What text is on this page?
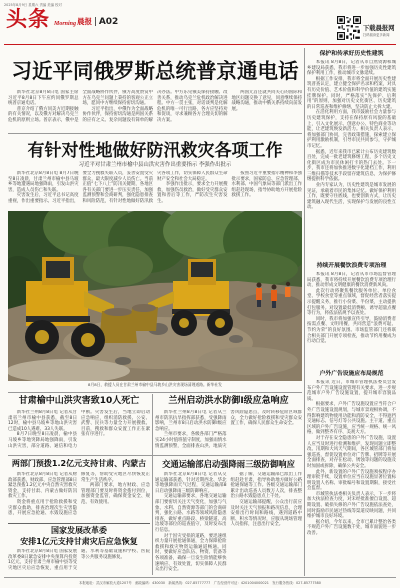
2025年8月9日 星期六 责编 美编 校对
头条 Morning 晨报 A02
下载晨报网
扫码阅读更多新闻
习近平同俄罗斯总统普京通电话

新华社北京8月8日电 国家主席习近平8月8日下午应约同俄罗斯总统普京通电话。

普京介绍了俄方同美方近期接触的有关情况，以及俄方对解决乌克兰危机的原则立场。普京表示，俄中是全面战略协作伙伴，俄方高度赞赏中方在乌克兰问题上秉持的客观公正立场，愿同中方继续保持密切沟通。

习近平指出，中俄作为全面战略协作伙伴，保持密切沟通是两国关系的应有之义。复杂问题没有简单的解决办法。中方乐见俄美保持接触、改善关系，推动乌克兰危机政治解决进程。中方一贯主张，对话谈判是化解危机的唯一可行出路，各方应坚持劝和促谈，寻求兼顾各方合理关切的解决方案。

两国元首还就共同关心的国际和地区问题交换了意见，同意继续保持战略沟通，推动中俄关系持续向前发展。

有针对性地做好防汛救灾各项工作
习近平对甘肃兰州市榆中县山洪灾害作出重要指示 李强作出批示

新华社北京8月8日电 8月7日晚至8日凌晨，甘肃兰州市榆中县马坡乡等地遭遇局地强降雨，引发山洪灾害，造成人员伤亡和失联。

灾害发生后，习近平总书记高度重视，作出重要指示。习近平指出，要全力搜救失联人员，妥善安置受灾群众，最大限度减少人员伤亡。当前正值“七下八上”防汛关键期，各地区各有关部门要进一步压实责任，加强监测预警和会商研判，强化隐患排查和风险防范，有针对性地做好防汛救灾各项工作，切实保障人民群众生命财产安全和社会大局稳定。

李强作出批示，要求全力开展搜救，加强伤员救治，做好受灾群众安置和善后等工作，严防次生灾害发生。

按照习近平重要指示精神和李强批示要求，国家防总、应急管理部、水利部、中国气象局等部门派出工作组赶赴现场，指导协助地方开展抢险救援工作。

8月8日，救援人员在甘肃兰州市榆中县马坡乡山洪灾害现场清理道路。新华社发
保护和传承好历史性建筑

本报讯 8月8日，记者从市自然资源和城乡建设局获悉，我市将进一步加强历史性建筑保护利用工作，推动城市文脉延续。

根据工作安排，我市将全面开展历史性建筑普查认定，建立健全保护名录和档案，对具有历史价值、艺术价值和科学价值的建筑实施挂牌保护。同时，严格落实“先保护、后利用”的原则，加强对历史文化街区、历史建筑的日常巡查和维护修缮，坚决防止大拆大建。

在活化利用方面，我市鼓励社会力量参与历史建筑保护，支持在保持原有风貌的基础上，引入文化展示、创意办公、特色商业等功能，让老建筑焕发新活力。相关负责人表示，将加强部门协同，完善政策措施，探索建立保护利用激励机制，引导市民共同参与，守护城市记忆。

据悉，近年来我市已累计公布历史建筑数百处，完成一批老建筑修缮工程，多个历史文化街区成为市民休闲打卡的热门去处。下一步，我市还将加快推进数字化建档工作，利用三维扫描等技术手段留存建筑信息，为保护修缮提供科学依据。

业内专家认为，历史性建筑是城市发展的见证，承载着市民的集体记忆。做好保护利用工作，既要守住底线，也要创新方式，让历史建筑融入现代生活，实现保护与发展的良性互动。

持续开展餐饮浪费专项治理

本报讯 8月8日，记者从市市场监督管理局获悉，我市将持续开展餐饮浪费专项治理行动，推动形成文明健康的餐饮消费新风尚。

此次行动将聚焦餐饮服务单位、单位食堂、学校食堂等重点领域，督促经营者落实提示提醒义务，推行小份菜、半份菜，主动提供打包服务。对设置最低消费额、诱导超量点餐等行为，将依法依规予以查处。

同时，我市将加强宣传引导，鼓励消费者按需点餐、文明用餐，共同营造“浪费可耻、节约为荣”的良好氛围。市场监管部门还将联合相关部门开展专项检查，推动节约用餐成为行动自觉。

户外广告设施应布局规范

本报讯 近日，市城市管理执法委员会发布户外广告设施设置管理有关要求，进一步规范城市户外广告设施设置，提升城市容貌品质。

根据要求，户外广告设施设置应当符合户外广告设施设置规划，与城市景观相协调，不得影响建筑物使用功能和消防安全，不得遮挡交通标志、信号灯等公共设施。主干道、重点区域的户外广告设施，应当统一规格、统一风格，做到整齐有序、美观大方。

对于存在安全隐患的户外广告设施，设置人应当及时进行检测和维护，发现问题立即整改。汛期和大风天气期间，各区城管部门将加强巡查，督促设置单位对广告牌、招牌等开展全面排查，对存在松动、锈蚀等问题的设施及时加固或拆除，确保公共安全。

此外，新设置的户外广告设施须按程序办理审批手续，设置单位应当在设施显著位置标明设置人名称、审批编号和设置期限，接受社会监督。

市城管执法委相关负责人表示，下一步将加大执法检查力度，对未经批准擅自设置、超期设置、破损失修的户外广告设施依法查处，同时鼓励市民通过热线等渠道反映问题，共同维护城市良好环境。

据介绍，今年以来，全市已累计整治各类不规范户外广告设施数千处，城市面貌进一步改善。

甘肃榆中山洪灾害致10人死亡

新华社兰州8月8日电 记者从甘肃省兰州市榆中县获悉，截至8日12时，榆中县马坡乡等地山洪灾害已造成10人遇难、33人失联。

8月7日晚至8日凌晨，榆中县马坡乡等地突降局地强降雨，引发山洪灾害，部分道路、通信和电力中断。灾害发生后，当地立即启动应急响应，组织消防救援、公安、武警、民兵等力量全力开展搜救。目前，搜救和群众安置工作正在紧张有序进行。

兰州启动洪水防御Ⅰ级应急响应

新华社兰州8月8日电 记者从兰州市防汛抗旱指挥部获悉，受强降雨影响，兰州市8日启动洪水防御Ⅰ级应急响应。

兰州市要求，各级各部门严格落实24小时值班值守制度，加强雨情水情监测预警，全面排查山洪、地质灾害风险隐患点，及时转移危险区域群众，全力做好抢险救援和受灾群众安置工作，确保人民群众生命安全。

两部门预拨1.2亿元支持甘肃、内蒙古

新华社北京8月8日电 记者从财政部获悉，财政部、应急管理部8日紧急预拨1.2亿元中央自然灾害救灾资金，支持甘肃、内蒙古做好防汛救灾工作。

资金将重点用于抢险救援和受灾群众救助，排查治理次生灾害隐患，开展应急抢通、水毁设施应急修复等，帮助受灾地区尽快恢复正常生产生活秩序。

两部门要求，地方财政、应急管理部门要及时将资金拨付到位，加强资金监管，确保资金安全、规范、有效使用。

交通运输部启动强降雨三级防御响应

新华社北京8月8日电 记者从交通运输部获悉，针对近期西北、华北等地强降雨天气过程，交通运输部8日启动强降雨三级防御响应。

交通运输部要求，各地交通运输部门要密切关注天气变化，加强与气象、水利、自然资源等部门的会商研判，强化公路、水路等领域风险隐患排查，做好重点路段、桥梁隧道、高边坡等部位的巡查值守，及时发布出行信息。

对于因灾受损的道路，要迅速组织力量开展抢通保通，全力保障抢险救援和救灾物资运输通道畅通。同时，要做好应急队伍、物资、装备等各项准备，确保一旦发生险情能够快速响应、有效处置，切实保障人民群众出行安全。

据了解，交通运输部已派出工作组赶赴甘肃，指导协助地方做好公路抢通保通等工作。各级交通运输部门累计出动巡查人员数万人次，排查整治公路水毁隐患点上千处。

交通运输部提醒，公众出行前应及时关注天气预报和路况信息，合理安排出行时间和路线，遇到道路中断、积水等情况时，应服从现场管理人员指挥，注意出行安全。

国家发展改革委
安排1亿元支持甘肃灾后应急恢复

新华社北京8月8日电 国家发展改革委8日紧急安排中央预算内投资1亿元，支持甘肃兰州市榆中县等受灾地区灾后应急恢复，重点用于交通、水利等基础设施和学校、医院等公共服务设施修复。

本报地址：武汉市解放大道1207号　邮政编码：430030　新闻热线：027-85777777　广告经营许可证：4201004000021　发行服务热线：027-85777580
